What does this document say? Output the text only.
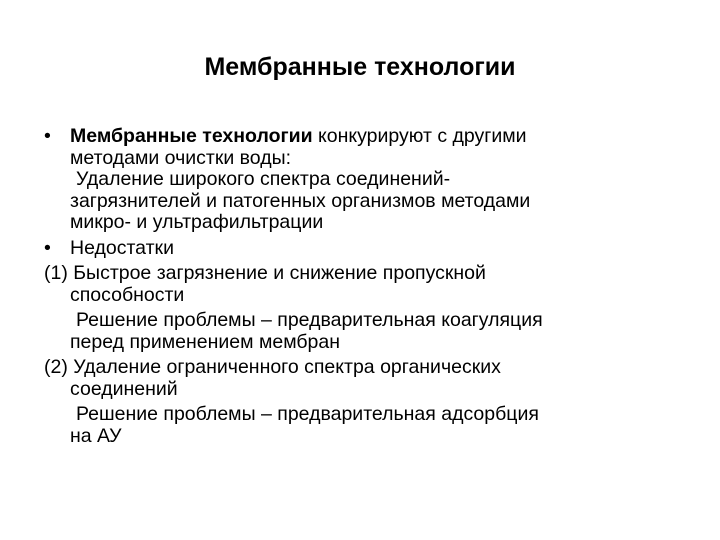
Мембранные технологии
• Мембранные технологии конкурируют с другими
методами очистки воды:
Удаление широкого спектра соединений-
загрязнителей и патогенных организмов методами
микро- и ультрафильтрации
• Недостатки
(1) Быстрое загрязнение и снижение пропускной
способности
Решение проблемы – предварительная коагуляция
перед применением мембран
(2) Удаление ограниченного спектра органических
соединений
Решение проблемы – предварительная адсорбция
на АУ
